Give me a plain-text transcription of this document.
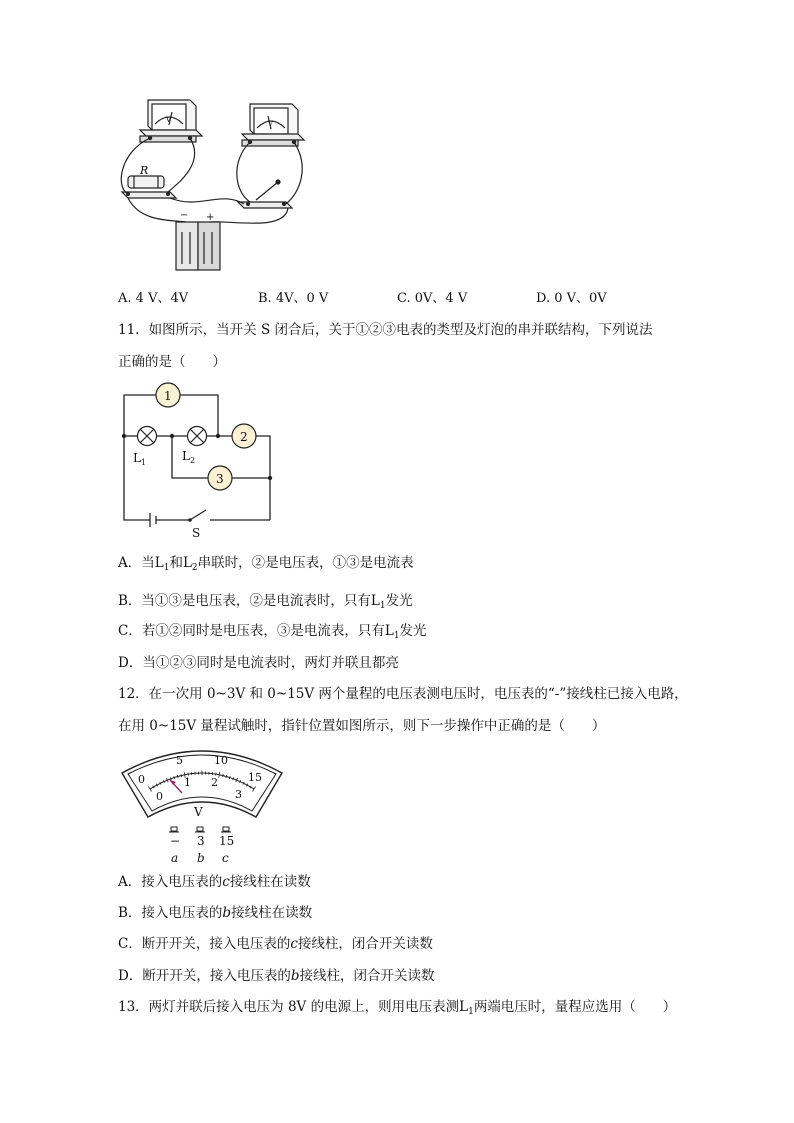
R
V	V
− +
A. 4 V、4V	B. 4V、0 V	C. 0V、4 V	D. 0 V、0V
11．如图所示，当开关 S 闭合后，关于①②③电表的类型及灯泡的串并联结构，下列说法
正确的是（　　）
1
2
3
$L_1$	$L_2$
S
A．当$L_1$和$L_2$串联时，②是电压表，①③是电流表
B．当①③是电压表，②是电流表时，只有$L_1$发光
C．若①②同时是电压表，③是电流表，只有$L_1$发光
D．当①②③同时是电流表时，两灯并联且都亮
12．在一次用 0~3V 和 0~15V 两个量程的电压表测电压时，电压表的“-”接线柱已接入电路，
在用 0~15V 量程试触时，指针位置如图所示，则下一步操作中正确的是（　　）
0
5	10
15
0
1 2
3
V
− 3 15
a b c
A．接入电压表的c接线柱在读数
B．接入电压表的b接线柱在读数
C．断开开关，接入电压表的c接线柱，闭合开关读数
D．断开开关，接入电压表的b接线柱，闭合开关读数
13．两灯并联后接入电压为 8V 的电源上，则用电压表测$L_1$两端电压时，量程应选用（　　）
